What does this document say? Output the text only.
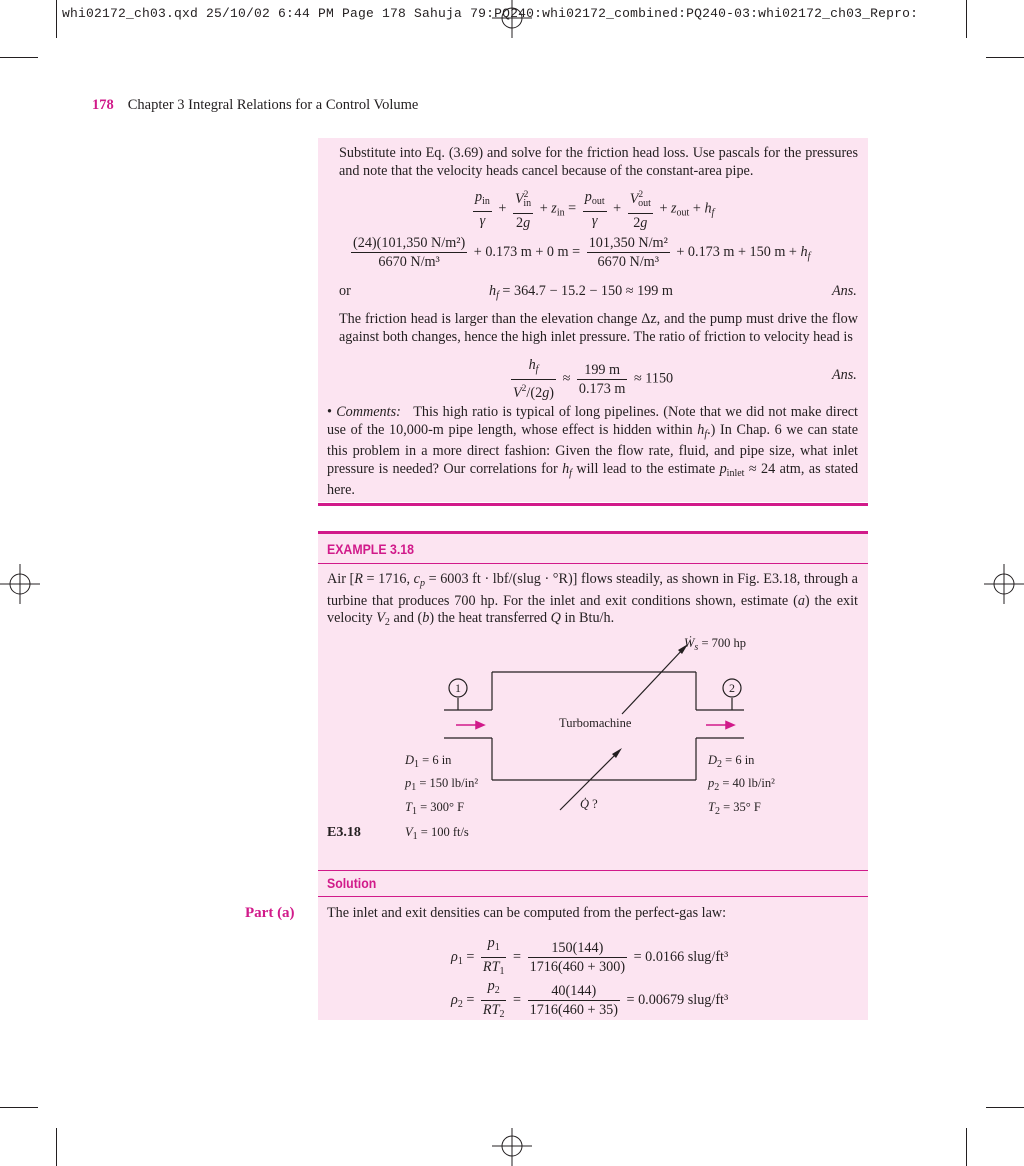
whi02172_ch03.qxd 25/10/02 6:44 PM Page 178 Sahuja 79:PQ240:whi02172_combined:PQ240-03:whi02172_ch03_Repro:
178 Chapter 3 Integral Relations for a Control Volume
Substitute into Eq. (3.69) and solve for the friction head loss. Use pascals for the pressures and note that the velocity heads cancel because of the constant-area pipe.
$\frac{p_{in}}{\gamma} + \frac{V^2_{in}}{2g} + z_{in} = \frac{p_{out}}{\gamma} + \frac{V^2_{out}}{2g} + z_{out} + h_f$
$\frac{\text{(24)(101,350 N/m²)}}{\text{6670 N/m³}} + 0.173$ m + 0 $m = \frac{\text{101,350 N/m²}}{\text{6670 N/m³}} + 0.173$ m + 150 $m + h_f$
or	$h_f = 364.7 - 15.2 - 150 \approx 199$ m	Ans.
The friction head is larger than the elevation change Δz, and the pump must drive the flow against both changes, hence the high inlet pressure. The ratio of friction to velocity head is
$\frac{h_f}{V^2/(2g)} \approx \frac{199 m}{0.173 m} \approx 1150$	Ans.
• Comments: This high ratio is typical of long pipelines. (Note that we did not make direct use of the 10,000-m pipe length, whose effect is hidden within $h_f$.) In Chap. 6 we can state this problem in a more direct fashion: Given the flow rate, fluid, and pipe size, what inlet pressure is needed? Our correlations for $h_f$ will lead to the estimate $p_{inlet} \approx 24$ atm, as stated here.
EXAMPLE 3.18
Air [R = 1716, $c_p = 6003$ ft · lbf/(slug · °R)] flows steadily, as shown in Fig. E3.18, through a turbine that produces 700 hp. For the inlet and exit conditions shown, estimate (a) the exit velocity $V_2$ and (b) the heat transferred Q in Btu/h.
1	2
Ẇ$_s$ = 700 hp
Turbomachine
Q̇ ?
$D_1 = 6$ in
$p_1 = 150$ lb/in²
$T_1 = 300^\circ$ F
$V_1 = 100$ ft/s
$D_2 = 6$ in
$p_2 = 40$ lb/in²
$T_2 = 35^\circ$ F
E3.18
Solution
Part (a) The inlet and exit densities can be computed from the perfect-gas law:
$\rho_1 = \frac{p_1}{RT_1} = \frac{150(144)}{1716(460 + 300)} = 0.0166$ slug/ft³
$\rho_2 = \frac{p_2}{RT_2} = \frac{40(144)}{1716(460 + 35)} = 0.00679$ slug/ft³
